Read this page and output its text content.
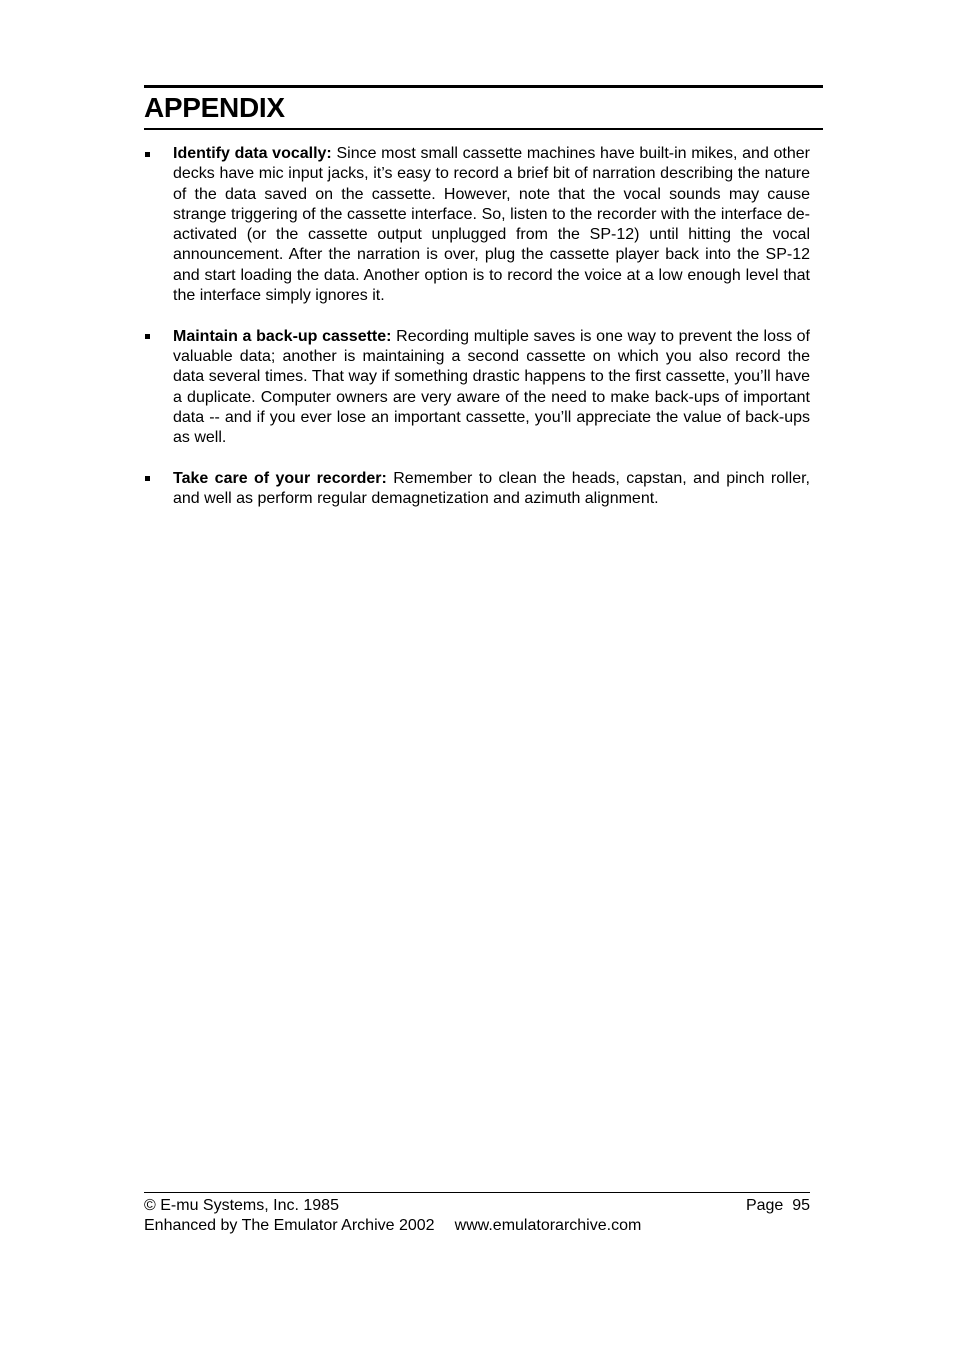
APPENDIX
Identify data vocally: Since most small cassette machines have built-in mikes, and other decks have mic input jacks, it’s easy to record a brief bit of narration describing the nature of the data saved on the cassette. However, note that the vocal sounds may cause strange triggering of the cassette interface. So, listen to the recorder with the interface de-activated (or the cassette output unplugged from the SP-12) until hitting the vocal announcement. After the narration is over, plug the cassette player back into the SP-12 and start loading the data. Another option is to record the voice at a low enough level that the interface simply ignores it.
Maintain a back-up cassette: Recording multiple saves is one way to prevent the loss of valuable data; another is maintaining a second cassette on which you also record the data several times. That way if something drastic happens to the first cassette, you’ll have a duplicate. Computer owners are very aware of the need to make back-ups of important data -- and if you ever lose an important cassette, you’ll appreciate the value of back-ups as well.
Take care of your recorder: Remember to clean the heads, capstan, and pinch roller, and well as perform regular demagnetization and azimuth alignment.
© E-mu Systems, Inc. 1985	Page  95
Enhanced by The Emulator Archive 2002 www.emulatorarchive.com
